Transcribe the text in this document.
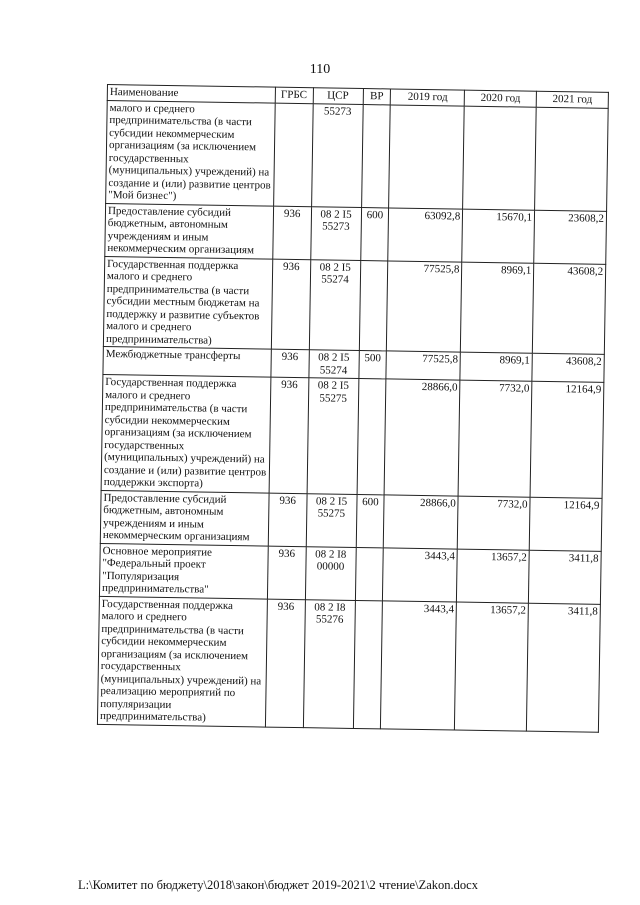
110
Наименование	ГРБС	ЦСР	ВР	2019 год	2020 год	2021 год
малого и среднего предпринимательства (в части субсидии некоммерческим организациям (за исключением государственных (муниципальных) учреждений) на создание и (или) развитие центров "Мой бизнес")		55273				
Предоставление субсидий бюджетным, автономным учреждениям и иным некоммерческим организациям	936	08 2 I5 55273	600	63092,8	15670,1	23608,2
Государственная поддержка малого и среднего предпринимательства (в части субсидии местным бюджетам на поддержку и развитие субъектов малого и среднего предпринимательства)	936	08 2 I5 55274		77525,8	8969,1	43608,2
Межбюджетные трансферты	936	08 2 I5 55274	500	77525,8	8969,1	43608,2
Государственная поддержка малого и среднего предпринимательства (в части субсидии некоммерческим организациям (за исключением государственных (муниципальных) учреждений) на создание и (или) развитие центров поддержки экспорта)	936	08 2 I5 55275		28866,0	7732,0	12164,9
Предоставление субсидий бюджетным, автономным учреждениям и иным некоммерческим организациям	936	08 2 I5 55275	600	28866,0	7732,0	12164,9
Основное мероприятие "Федеральный проект "Популяризация предпринимательства"	936	08 2 I8 00000		3443,4	13657,2	3411,8
Государственная поддержка малого и среднего предпринимательства (в части субсидии некоммерческим организациям (за исключением государственных (муниципальных) учреждений) на реализацию мероприятий по популяризации предпринимательства)	936	08 2 I8 55276		3443,4	13657,2	3411,8
L:\Комитет по бюджету\2018\закон\бюджет 2019-2021\2 чтение\Zakon.docx
